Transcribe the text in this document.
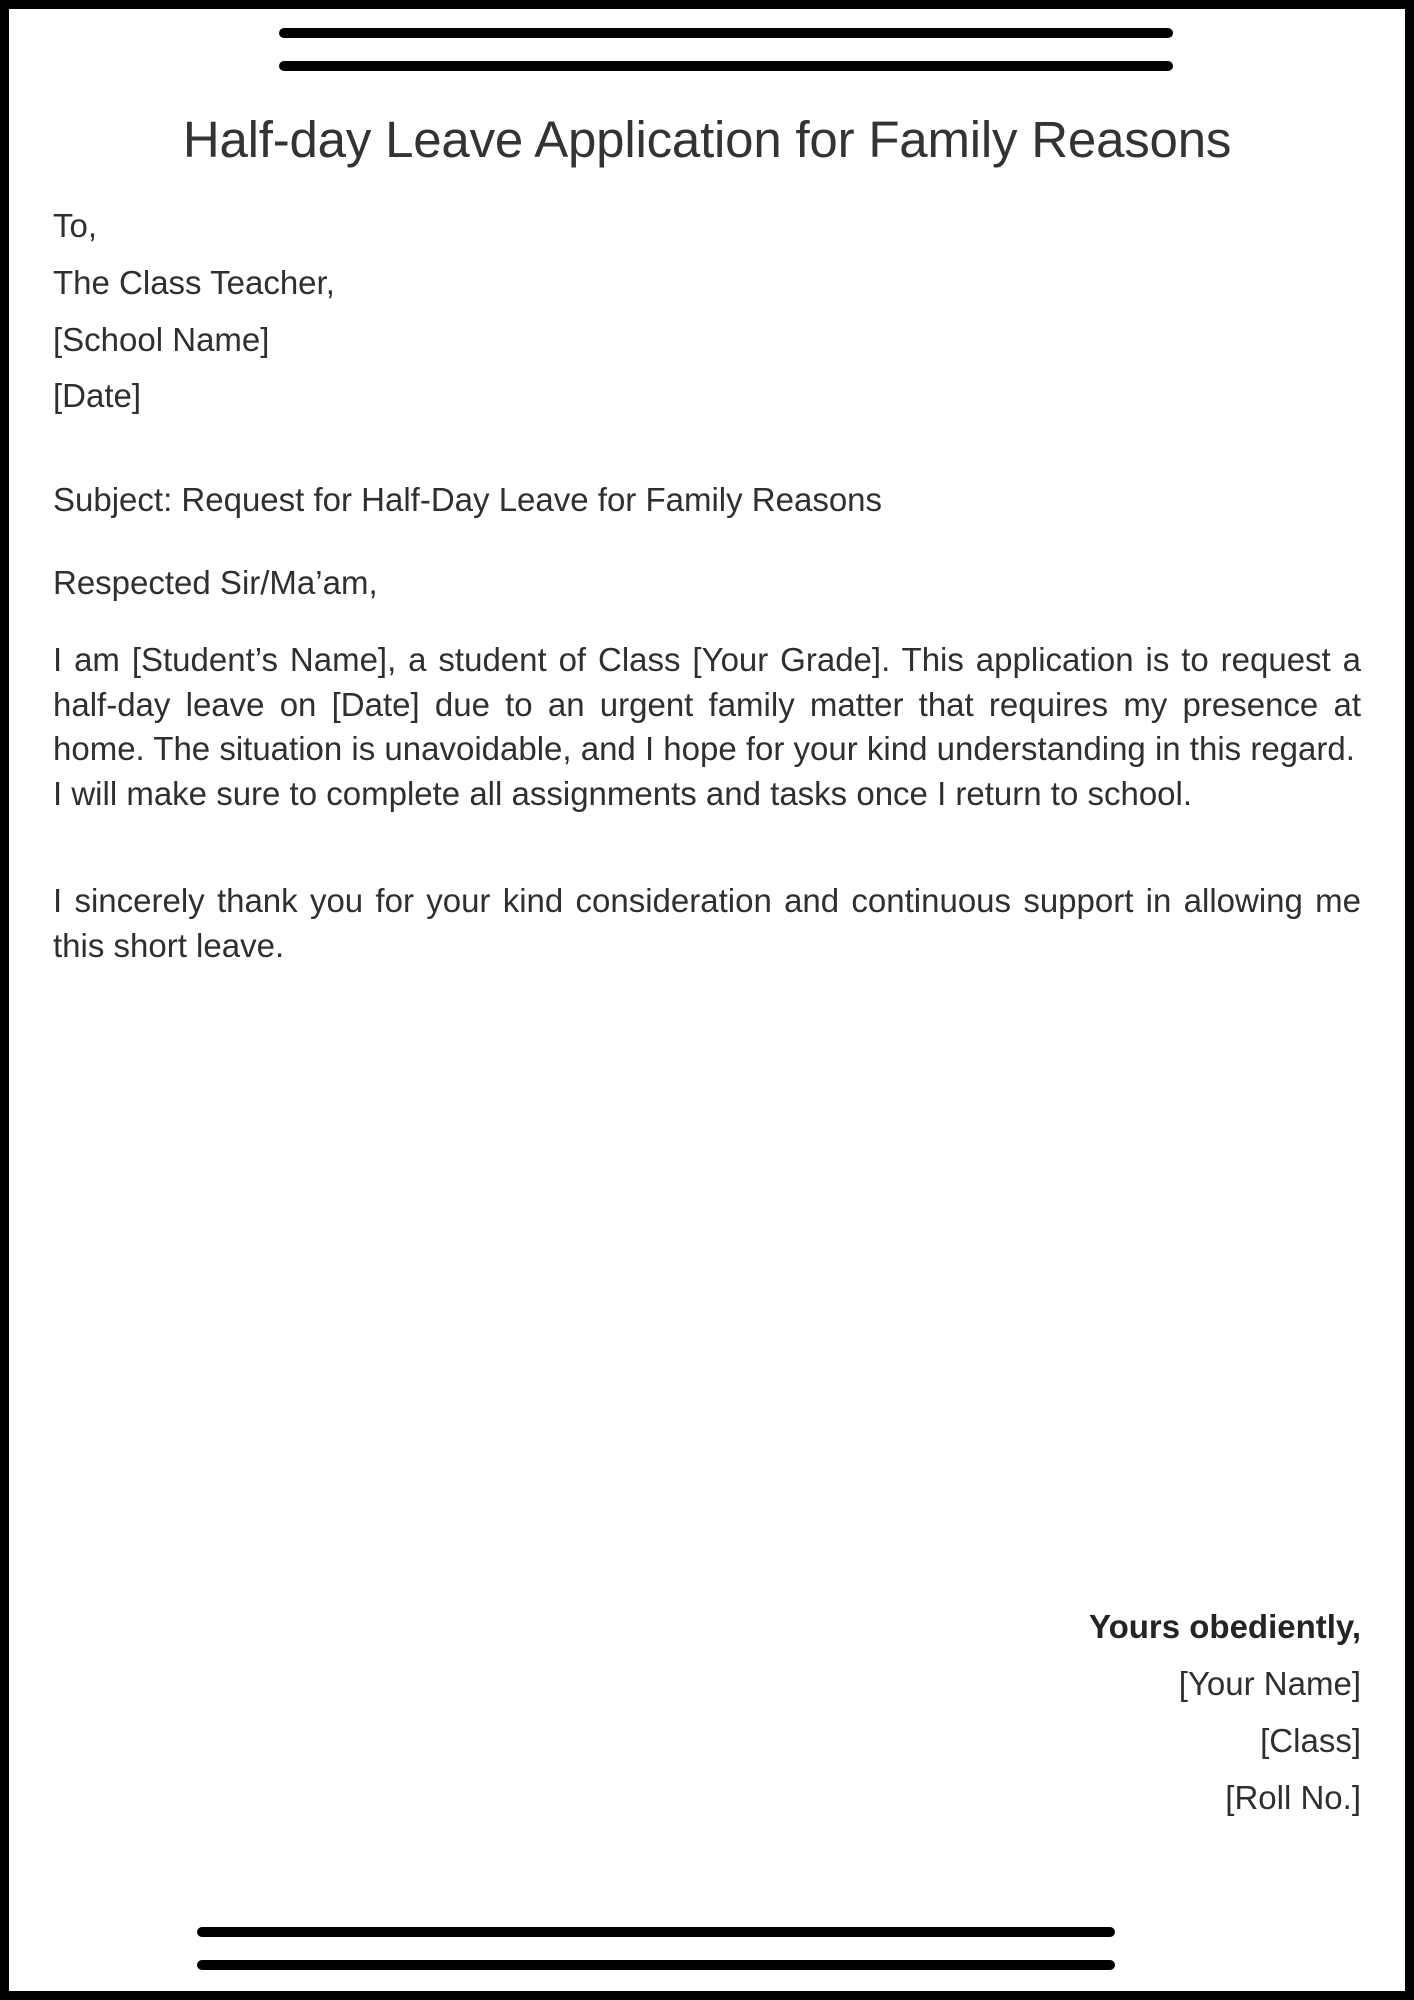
Half-day Leave Application for Family Reasons
To,
The Class Teacher,
[School Name]
[Date]
Subject: Request for Half-Day Leave for Family Reasons
Respected Sir/Ma’am,

I am [Student’s Name], a student of Class [Your Grade]. This application is to request a half-day leave on [Date] due to an urgent family matter that requires my presence at home. The situation is unavoidable, and I hope for your kind understanding in this regard.

I will make sure to complete all assignments and tasks once I return to school.

I sincerely thank you for your kind consideration and continuous support in allowing me this short leave.

Yours obediently,
[Your Name]
[Class]
[Roll No.]
